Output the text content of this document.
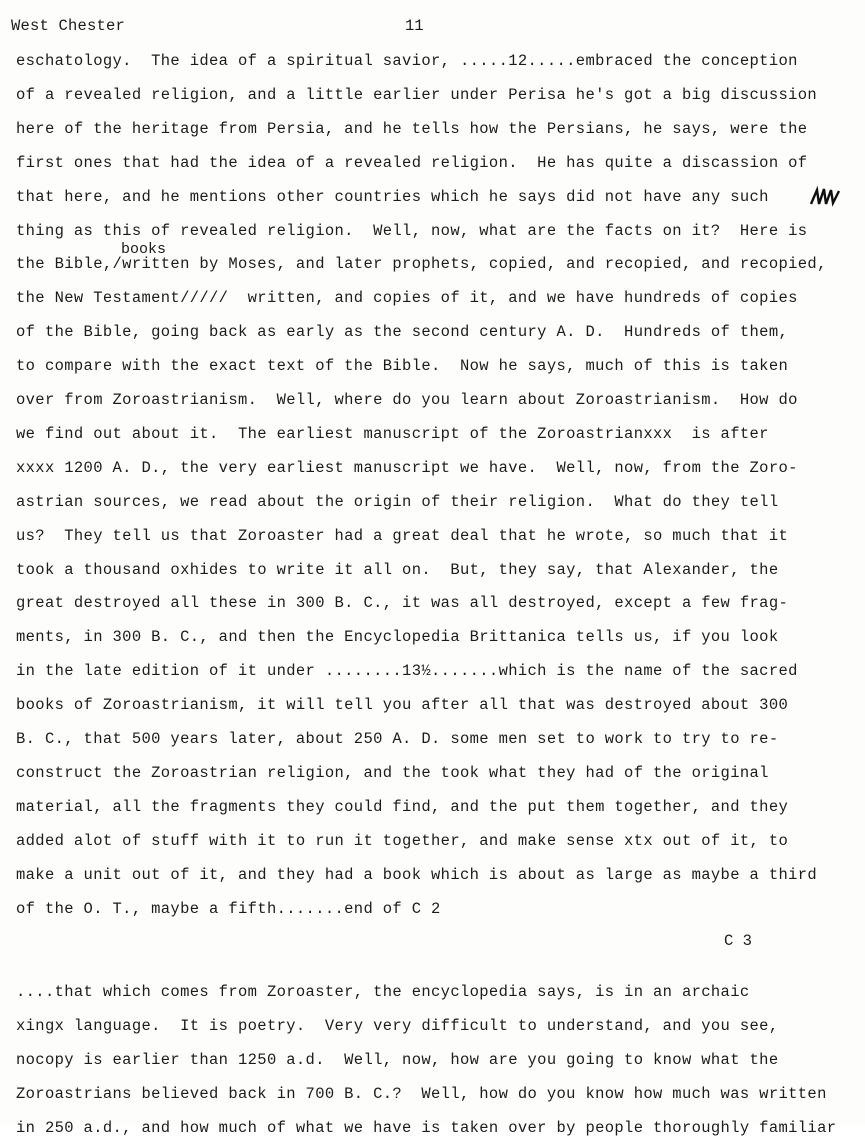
West Chester	11
books
eschatology.  The idea of a spiritual savior, .....12.....embraced the conception
of a revealed religion, and a little earlier under Perisa he's got a big discussion
here of the heritage from Persia, and he tells how the Persians, he says, were the
first ones that had the idea of a revealed religion.  He has quite a discassion of
that here, and he mentions other countries which he says did not have any such
thing as this of revealed religion.  Well, now, what are the facts on it?  Here is
the Bible,/written by Moses, and later prophets, copied, and recopied, and recopied,
the New Testament/////  written, and copies of it, and we have hundreds of copies
of the Bible, going back as early as the second century A. D.  Hundreds of them,
to compare with the exact text of the Bible.  Now he says, much of this is taken
over from Zoroastrianism.  Well, where do you learn about Zoroastrianism.  How do
we find out about it.  The earliest manuscript of the Zoroastrianxxx  is after
xxxx 1200 A. D., the very earliest manuscript we have.  Well, now, from the Zoro-
astrian sources, we read about the origin of their religion.  What do they tell
us?  They tell us that Zoroaster had a great deal that he wrote, so much that it
took a thousand oxhides to write it all on.  But, they say, that Alexander, the
great destroyed all these in 300 B. C., it was all destroyed, except a few frag-
ments, in 300 B. C., and then the Encyclopedia Brittanica tells us, if you look
in the late edition of it under ........13½.......which is the name of the sacred
books of Zoroastrianism, it will tell you after all that was destroyed about 300
B. C., that 500 years later, about 250 A. D. some men set to work to try to re-
construct the Zoroastrian religion, and the took what they had of the original
material, all the fragments they could find, and the put them together, and they
added alot of stuff with it to run it together, and make sense xtx out of it, to
make a unit out of it, and they had a book which is about as large as maybe a third
of the O. T., maybe a fifth.......end of C 2
....that which comes from Zoroaster, the encyclopedia says, is in an archaic
xingx language.  It is poetry.  Very very difficult to understand, and you see,
nocopy is earlier than 1250 a.d.  Well, now, how are you going to know what the
Zoroastrians believed back in 700 B. C.?  Well, how do you know how much was written
in 250 a.d., and how much of what we have is taken over by people thoroughly familiar
C 3
